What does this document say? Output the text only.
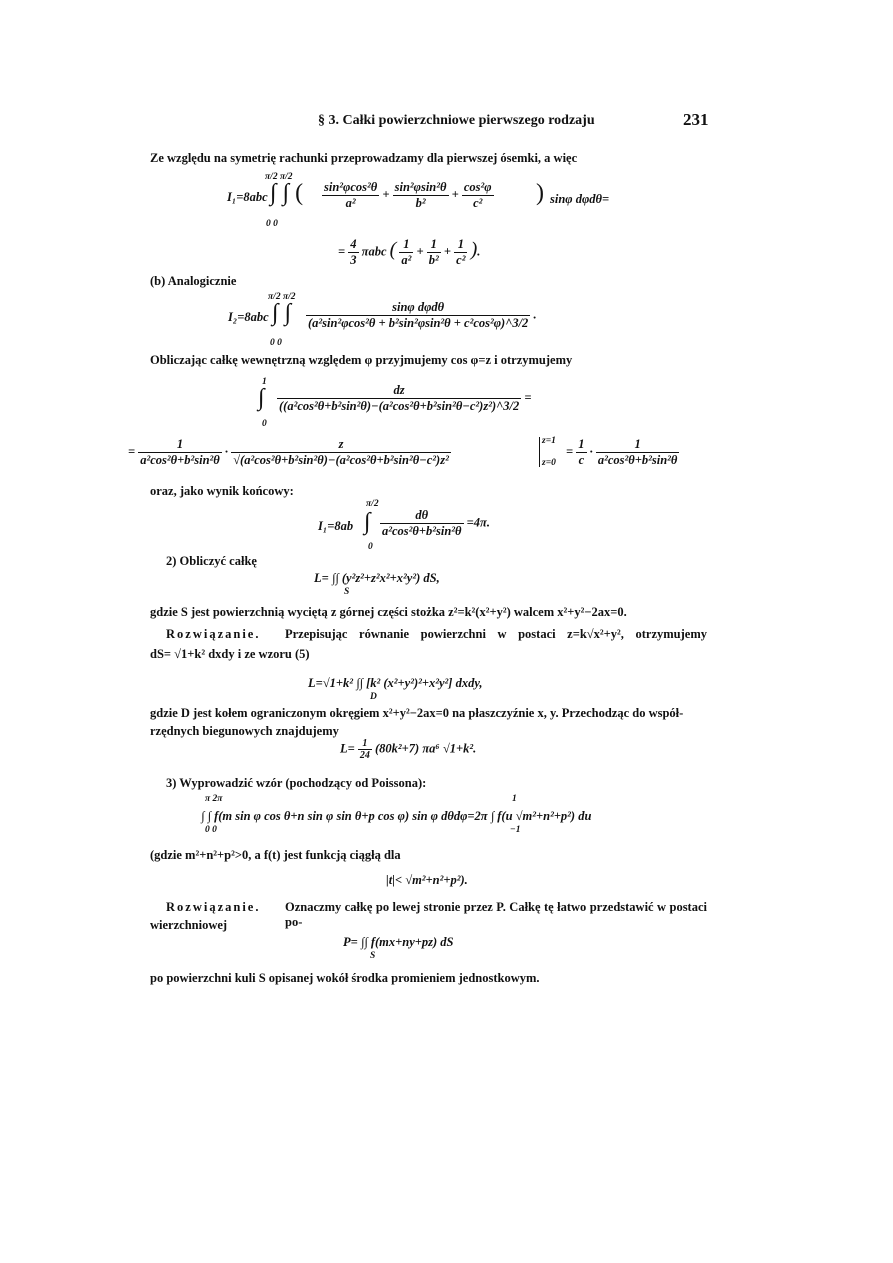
§ 3. Całki powierzchniowe pierwszego rodzaju	231
Ze względu na symetrię rachunki przeprowadzamy dla pierwszej ósemki, a więc
π/2 π/2
I₁=8abc ∫ ∫ ( $\frac{\text{sin²φcos²θ}}{\text{a²}} + \frac{\text{sin²φsin²θ}}{\text{b²}} + \frac{\text{cos²φ}}{\text{c²}}$ ) sinφ dφdθ=
0 0
= $\frac{4}{3}$ πabc ( $\frac{1}{\text{a²}} + \frac{1}{\text{b²}} + \frac{1}{\text{c²}}$ ).
(b) Analogicznie
π/2 π/2
I₂=8abc ∫ ∫ $\frac{\text{sinφ dφdθ}}{\text{(a²sin²φcos²θ + b²sin²φsin²θ + c²cos²φ)\textasciicircum{}3/2}}$ .
0 0
Obliczając całkę wewnętrzną względem φ przyjmujemy cos φ=z i otrzymujemy
1
∫ $\frac{dz}{\text{((a²cos²θ+b²sin²θ)−(a²cos²θ+b²sin²θ−c²)z²)\textasciicircum{}3/2}}$ =
0
= $\frac{1}{\text{a²cos²θ+b²sin²θ}} \cdot \frac{z}{\text{√(a²cos²θ+b²sin²θ)−(a²cos²θ+b²sin²θ−c²)z²}}$	z=1
z=0
= $\frac{1}{c} \cdot \frac{1}{\text{a²cos²θ+b²sin²θ}}$
oraz, jako wynik końcowy:
π/2
I₁=8ab ∫ $\frac{d\theta}{\text{a²cos²θ+b²sin²θ}} =4\pi$.
0
2) Obliczyć całkę
L= ∫∫ (y²z²+z²x²+x²y²) dS,
S
gdzie S jest powierzchnią wyciętą z górnej części stożka z²=k²(x²+y²) walcem x²+y²−2ax=0.
Rozwiązanie. Przepisując równanie powierzchni w postaci z=k√x²+y², otrzymujemy
dS= √1+k² dxdy i ze wzoru (5)
L=√1+k² ∫∫ [k² (x²+y²)²+x²y²] dxdy,
D
gdzie D jest kołem ograniczonym okręgiem x²+y²−2ax=0 na płaszczyźnie x, y. Przechodząc do współ-
rzędnych biegunowych znajdujemy
$L= \frac{1}{24} (80k^2+7)$ πa⁶ √1+k².
3) Wyprowadzić wzór (pochodzący od Poissona):
π 2π	1
∫ ∫ f(m sin φ cos θ+n sin φ sin θ+p cos φ) sin φ dθdφ=2π ∫ f(u √m²+n²+p²) du
0 0	−1
(gdzie m²+n²+p²>0, a f(t) jest funkcją ciągłą dla
|t|< √m²+n²+p²).
Rozwiązanie. Oznaczmy całkę po lewej stronie przez P. Całkę tę łatwo przedstawić w postaci po-
wierzchniowej
P= ∫∫ f(mx+ny+pz) dS
S
po powierzchni kuli S opisanej wokół środka promieniem jednostkowym.
